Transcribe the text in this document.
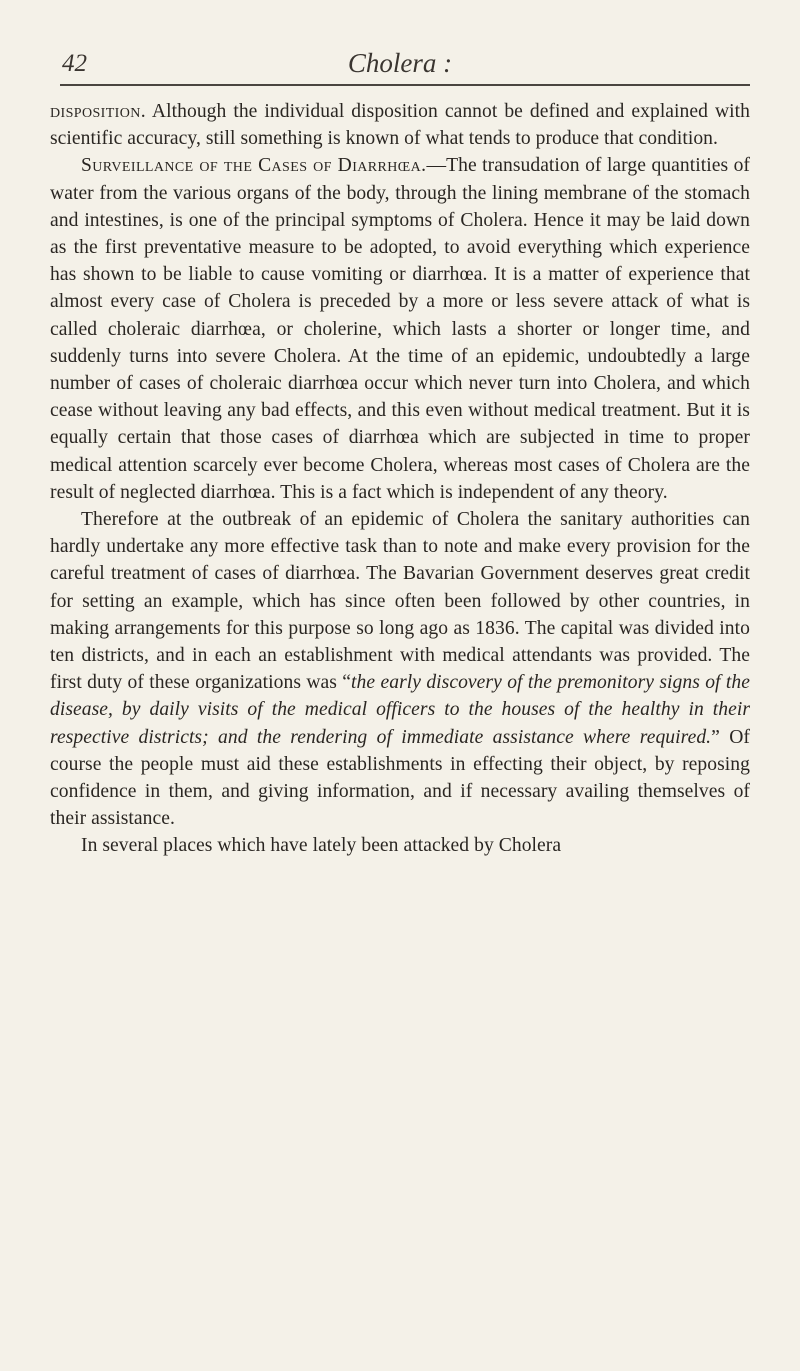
42	Cholera :

disposition. Although the individual disposition cannot be defined and explained with scientific accuracy, still something is known of what tends to produce that condition.

Surveillance of the Cases of Diarrhœa.—The transudation of large quantities of water from the various organs of the body, through the lining membrane of the stomach and intestines, is one of the principal symptoms of Cholera. Hence it may be laid down as the first preventative measure to be adopted, to avoid everything which experience has shown to be liable to cause vomiting or diarrhœa. It is a matter of experience that almost every case of Cholera is preceded by a more or less severe attack of what is called choleraic diarrhœa, or cholerine, which lasts a shorter or longer time, and suddenly turns into severe Cholera. At the time of an epidemic, undoubtedly a large number of cases of choleraic diarrhœa occur which never turn into Cholera, and which cease without leaving any bad effects, and this even without medical treatment. But it is equally certain that those cases of diarrhœa which are subjected in time to proper medical attention scarcely ever become Cholera, whereas most cases of Cholera are the result of neglected diarrhœa. This is a fact which is independent of any theory.

Therefore at the outbreak of an epidemic of Cholera the sanitary authorities can hardly undertake any more effective task than to note and make every provision for the careful treatment of cases of diarrhœa. The Bavarian Government deserves great credit for setting an example, which has since often been followed by other countries, in making arrangements for this purpose so long ago as 1836. The capital was divided into ten districts, and in each an establishment with medical attendants was provided. The first duty of these organizations was “the early discovery of the premonitory signs of the disease, by daily visits of the medical officers to the houses of the healthy in their respective districts; and the rendering of immediate assistance where required.” Of course the people must aid these establishments in effecting their object, by reposing confidence in them, and giving information, and if necessary availing themselves of their assistance.

In several places which have lately been attacked by Cholera
